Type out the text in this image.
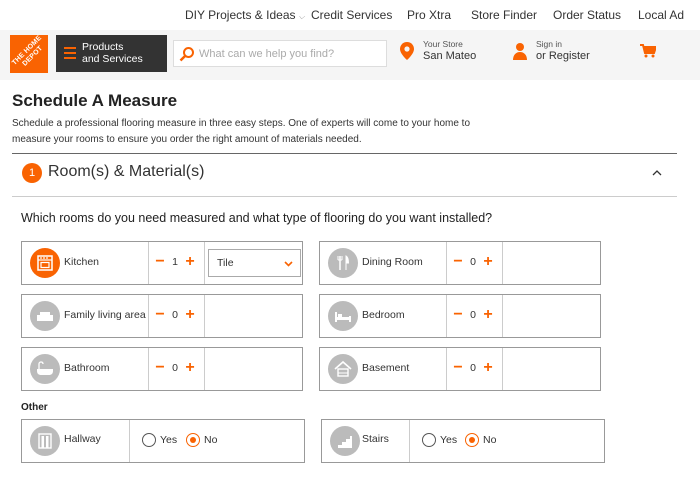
DIY Projects & Ideas ⌵ Credit Services Pro Xtra Store Finder Order Status Local Ad
THE HOME DEPOT	Products
and Services
What can we help you find?
Your Store
San Mateo
Sign in
or Register
Schedule A Measure

Schedule a professional flooring measure in three easy steps. One of experts will come to your home to measure your rooms to ensure you order the right amount of materials needed.

1 Room(s) & Material(s)
Which rooms do you need measured and what type of flooring do you want installed?
Kitchen	− 1 + Tile	Dining Room − 0 +
Family living area − 0 +	Bedroom	− 0 +
Bathroom	− 0 +	Basement	− 0 +
Other
Hallway	Yes	No	Stairs	Yes No
